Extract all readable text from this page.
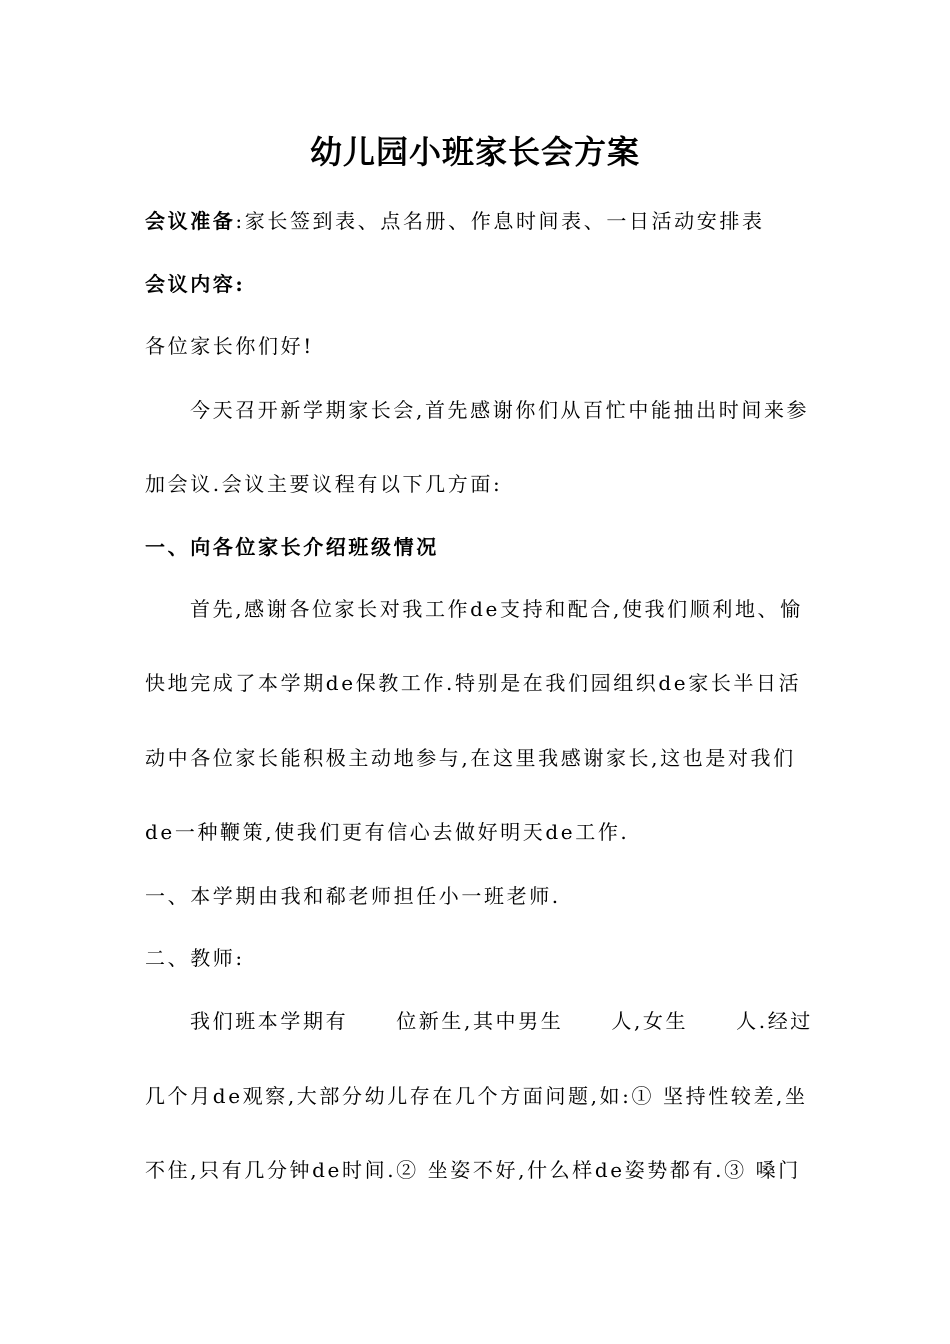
幼儿园小班家长会方案
会议准备:家长签到表、点名册、作息时间表、一日活动安排表
会议内容:
各位家长你们好!
今天召开新学期家长会,首先感谢你们从百忙中能抽出时间来参
加会议.会议主要议程有以下几方面:
一、向各位家长介绍班级情况
首先,感谢各位家长对我工作de支持和配合,使我们顺利地、愉
快地完成了本学期de保教工作.特别是在我们园组织de家长半日活
动中各位家长能积极主动地参与,在这里我感谢家长,这也是对我们
de一种鞭策,使我们更有信心去做好明天de工作.
一、本学期由我和郗老师担任小一班老师.
二、教师:
我们班本学期有 位新生,其中男生 人,女生 人.经过
几个月de观察,大部分幼儿存在几个方面问题,如:① 坚持性较差,坐
不住,只有几分钟de时间.② 坐姿不好,什么样de姿势都有.③ 嗓门
